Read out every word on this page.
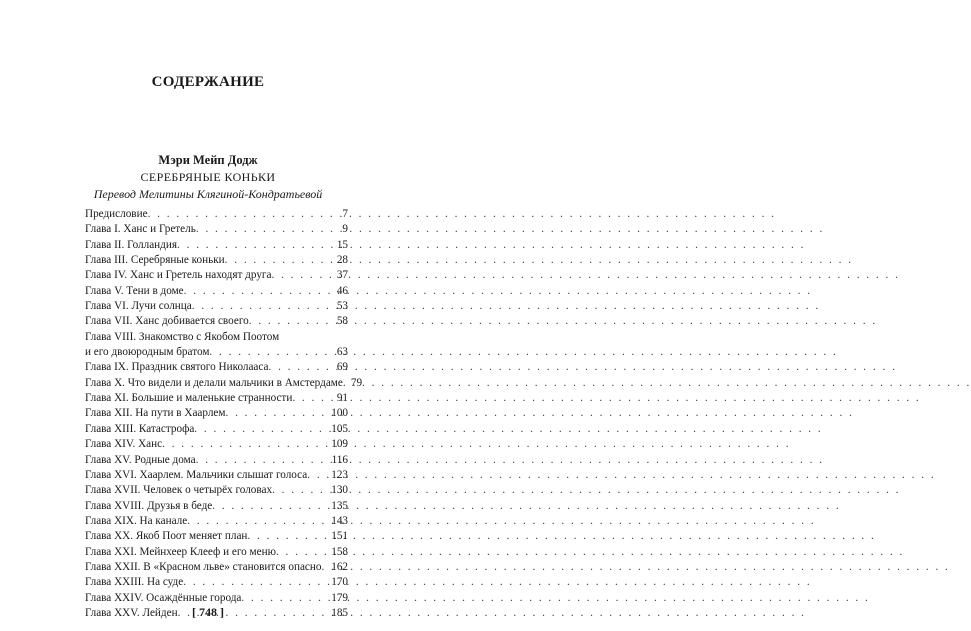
СОДЕРЖАНИЕ
Мэри Мейп Додж
СЕРЕБРЯНЫЕ КОНЬКИ
Перевод Мелитины Клягиной-Кондратьевой
Предисловие . . .	7
Глава I. Ханс и Гретель . . .	9
Глава II. Голландия . . .	15
Глава III. Серебряные коньки . . .	28
Глава IV. Ханс и Гретель находят друга . . .	37
Глава V. Тени в доме . . .	46
Глава VI. Лучи солнца . . .	53
Глава VII. Ханс добивается своего . . .	58
Глава VIII. Знакомство с Якобом Поотом
и его двоюродным братом . . .	63
Глава IX. Праздник святого Николааса . . .	69
Глава X. Что видели и делали мальчики в Амстердаме . . . 79
Глава XI. Большие и маленькие странности . . .	91
Глава XII. На пути в Хаарлем . . .	100
Глава XIII. Катастрофа . . .	105
Глава XIV. Ханс . . .	109
Глава XV. Родные дома . . .	116
Глава XVI. Хаарлем. Мальчики слышат голоса . . . 123
Глава XVII. Человек о четырёх головах . . .	130
Глава XVIII. Друзья в беде . . .	135
Глава XIX. На канале . . .	143
Глава XX. Якоб Поот меняет план . . .	151
Глава XXI. Мейнхеер Клееф и его меню . . .	158
Глава XXII. В «Красном льве» становится опасно . . . 162
Глава XXIII. На суде . . .	170
Глава XXIV. Осаждённые города . . .	179
Глава XXV. Лейден . . .	185
[ 748 ]
